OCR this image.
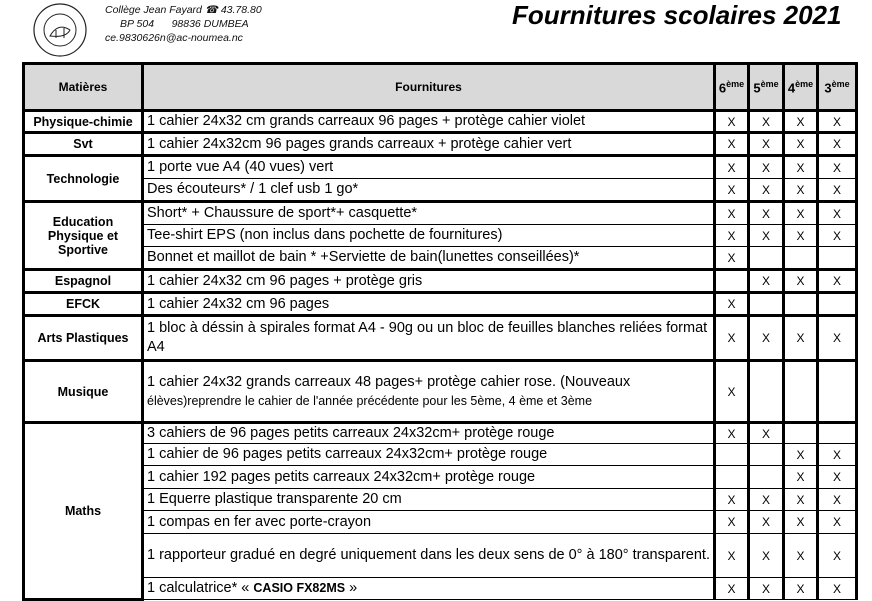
Collège Jean Fayard ☎ 43.78.80
BP 504 98836 DUMBEA
ce.9830626n@ac-noumea.nc
Fournitures scolaires 2021
Matières	Fournitures	6ème	5ème	4ème	3ème
Physique-chimie	1 cahier 24x32 cm grands carreaux 96 pages + protège cahier violet	X	X	X	X
Svt	1 cahier 24x32cm 96 pages grands carreaux + protège cahier vert	X	X	X	X
Technologie	1 porte vue A4 (40 vues) vert	X	X	X	X
	Des écouteurs* / 1 clef usb 1 go*	X	X	X	X
Education Physique et Sportive	Short* + Chaussure de sport*+ casquette*	X	X	X	X
	Tee-shirt EPS (non inclus dans pochette de fournitures)	X	X	X	X
	Bonnet et maillot de bain * +Serviette de bain(lunettes conseillées)*	X			
Espagnol	1 cahier 24x32 cm 96 pages + protège gris		X	X	X
EFCK	1 cahier 24x32 cm 96 pages	X			
Arts Plastiques	1 bloc à déssin à spirales format A4 - 90g ou un bloc de feuilles blanches reliées format A4	X	X	X	X
Musique	1 cahier 24x32 grands carreaux 48 pages+ protège cahier rose. (Nouveaux
élèves)reprendre le cahier de l'année précédente pour les 5ème, 4 ème et 3ème	X			
Maths	3 cahiers de 96 pages petits carreaux 24x32cm+ protège rouge	X	X		
	1 cahier de 96 pages petits carreaux 24x32cm+ protège rouge			X	X
	1 cahier 192 pages petits carreaux 24x32cm+ protège rouge			X	X
	1 Equerre plastique transparente 20 cm	X	X	X	X
	1 compas en fer avec porte-crayon	X	X	X	X
	1 rapporteur gradué en degré uniquement dans les deux sens de 0° à 180° transparent.	X	X	X	X
	1 calculatrice* « CASIO FX82MS »	X	X	X	X
